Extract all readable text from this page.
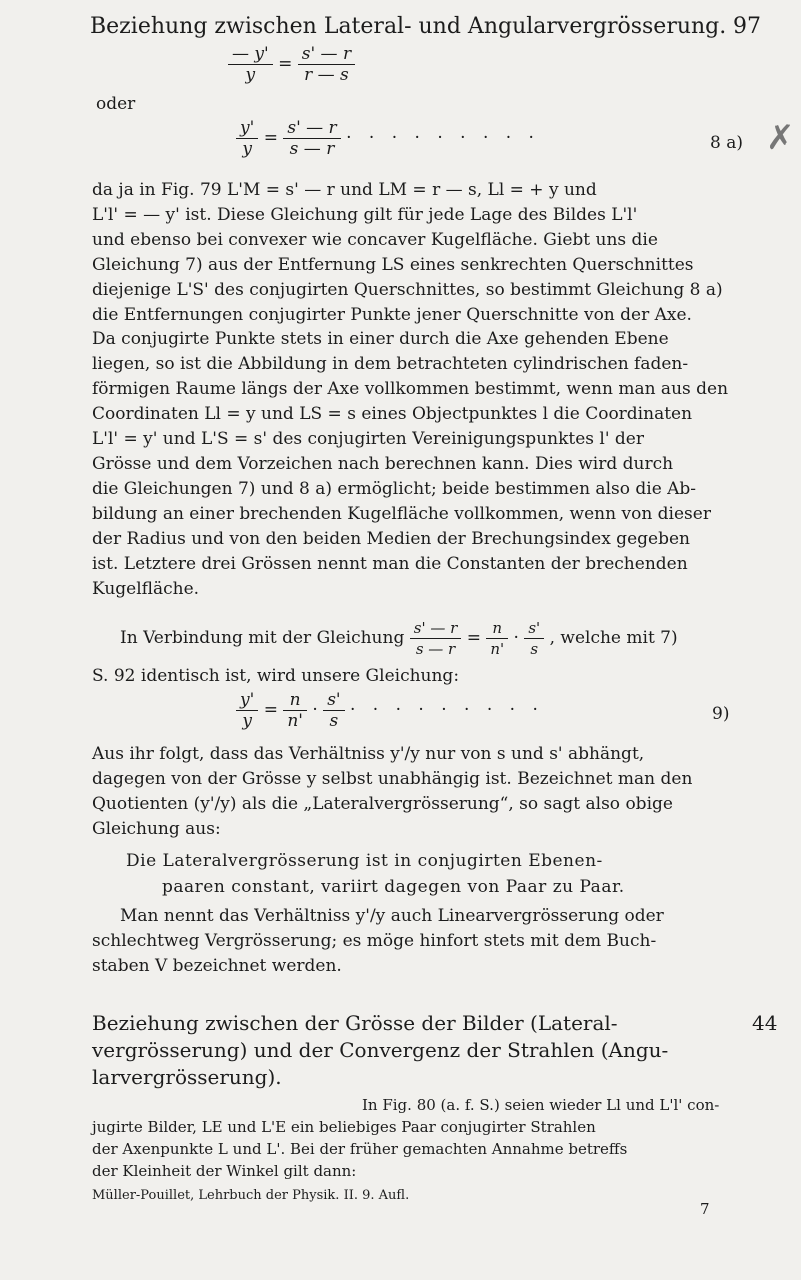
Beziehung zwischen Lateral- und Angularvergrösserung. 97
$\frac{— y'}{y} = \frac{s' — r}{r — s}$
oder
$\frac{y'}{y} = \frac{s' — r}{s — r}$ · · · · · · · · ·	8 a) ✗

da ja in Fig. 79 L'M = s' — r und LM = r — s, Ll = + y und

L'l' = — y' ist. Diese Gleichung gilt für jede Lage des Bildes L'l'

und ebenso bei convexer wie concaver Kugelfläche. Giebt uns die

Gleichung 7) aus der Entfernung LS eines senkrechten Querschnittes

diejenige L'S' des conjugirten Querschnittes, so bestimmt Gleichung 8 a)

die Entfernungen conjugirter Punkte jener Querschnitte von der Axe.

Da conjugirte Punkte stets in einer durch die Axe gehenden Ebene

liegen, so ist die Abbildung in dem betrachteten cylindrischen faden-

förmigen Raume längs der Axe vollkommen bestimmt, wenn man aus den

Coordinaten Ll = y und LS = s eines Objectpunktes l die Coordinaten

L'l' = y' und L'S = s' des conjugirten Vereinigungspunktes l' der

Grösse und dem Vorzeichen nach berechnen kann. Dies wird durch

die Gleichungen 7) und 8 a) ermöglicht; beide bestimmen also die Ab-

bildung an einer brechenden Kugelfläche vollkommen, wenn von dieser

der Radius und von den beiden Medien der Brechungsindex gegeben

ist. Letztere drei Grössen nennt man die Constanten der brechenden

Kugelfläche.

In Verbindung mit der Gleichung $\frac{s' — r}{s — r} = \frac{n}{n'} \cdot \frac{s'}{s}$ , welche mit 7)
S. 92 identisch ist, wird unsere Gleichung:
$\frac{y'}{y} = \frac{n}{n'} \cdot \frac{s'}{s}$ · · · · · · · · ·	9)

Aus ihr folgt, dass das Verhältniss y'/y nur von s und s' abhängt,

dagegen von der Grösse y selbst unabhängig ist. Bezeichnet man den

Quotienten (y'/y) als die „Lateralvergrösserung“, so sagt also obige

Gleichung aus:

Die Lateralvergrösserung ist in conjugirten Ebenen-
paaren constant, variirt dagegen von Paar zu Paar.

Man nennt das Verhältniss y'/y auch Linearvergrösserung oder

schlechtweg Vergrösserung; es möge hinfort stets mit dem Buch-

staben V bezeichnet werden.

Beziehung zwischen der Grösse der Bilder (Lateral-
vergrösserung) und der Convergenz der Strahlen (Angu-
larvergrösserung).
44

In Fig. 80 (a. f. S.) seien wieder Ll und L'l' con-

jugirte Bilder, LE und L'E ein beliebiges Paar conjugirter Strahlen

der Axenpunkte L und L'. Bei der früher gemachten Annahme betreffs

der Kleinheit der Winkel gilt dann:

Müller-Pouillet, Lehrbuch der Physik. II. 9. Aufl.
7
